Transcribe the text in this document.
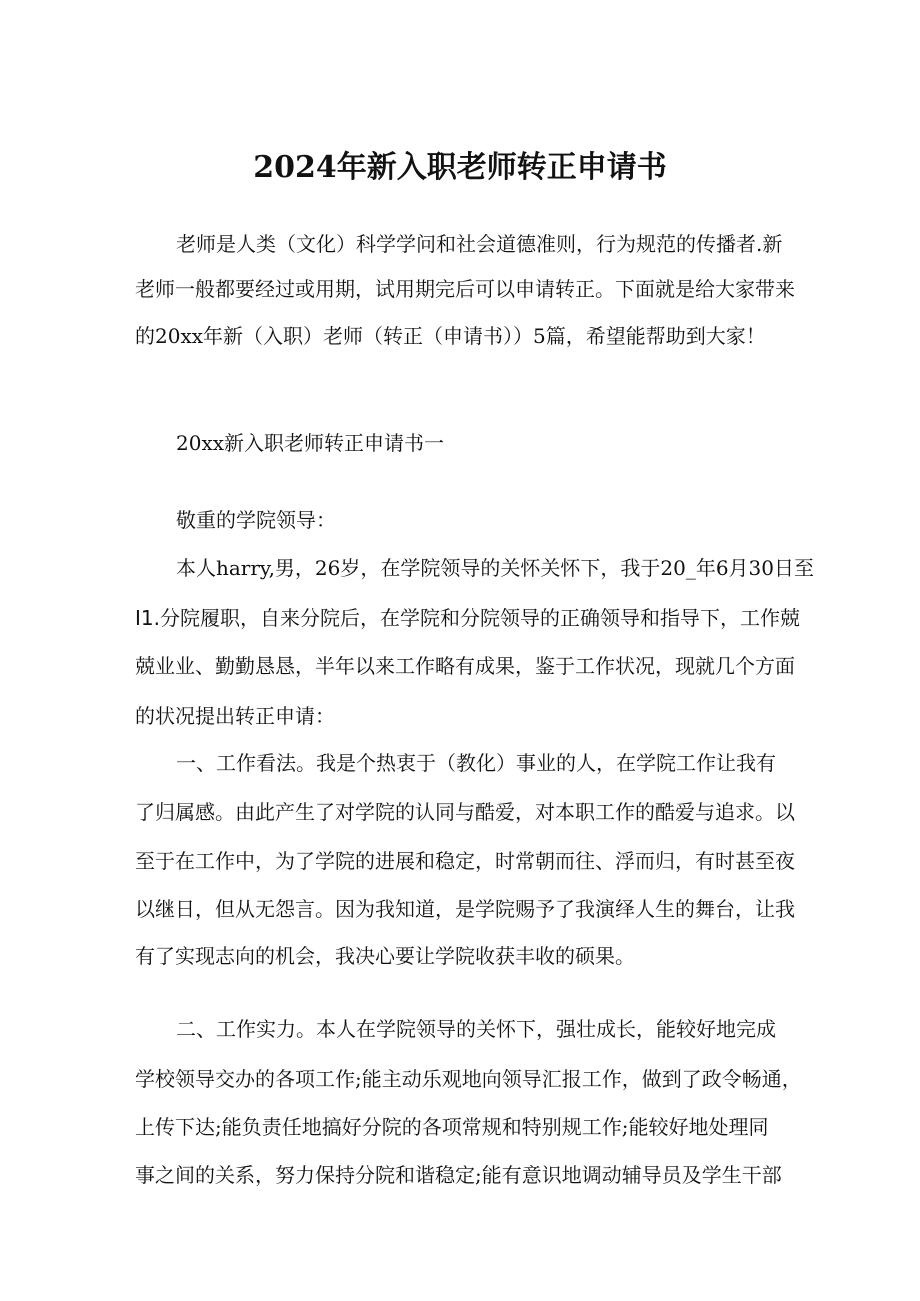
2024年新入职老师转正申请书
老师是人类（文化）科学学问和社会道德准则，行为规范的传播者.新
老师一般都要经过或用期，试用期完后可以申请转正。下面就是给大家带来
的20xx年新（入职）老师（转正（申请书））5篇，希望能帮助到大家！
20xx新入职老师转正申请书一
敬重的学院领导：
本人harry,男，26岁，在学院领导的关怀关怀下，我于20_年6月30日至
I1.分院履职，自来分院后，在学院和分院领导的正确领导和指导下，工作兢
兢业业、勤勤恳恳，半年以来工作略有成果，鉴于工作状况，现就几个方面
的状况提出转正申请：
一、工作看法。我是个热衷于（教化）事业的人，在学院工作让我有
了归属感。由此产生了对学院的认同与酷爱，对本职工作的酷爱与追求。以
至于在工作中，为了学院的进展和稳定，时常朝而往、浮而归，有时甚至夜
以继日，但从无怨言。因为我知道，是学院赐予了我演绎人生的舞台，让我
有了实现志向的机会，我决心要让学院收获丰收的硕果。
二、工作实力。本人在学院领导的关怀下，强壮成长，能较好地完成
学校领导交办的各项工作;能主动乐观地向领导汇报工作，做到了政令畅通，
上传下达;能负责任地搞好分院的各项常规和特别规工作;能较好地处理同
事之间的关系，努力保持分院和谐稳定;能有意识地调动辅导员及学生干部
